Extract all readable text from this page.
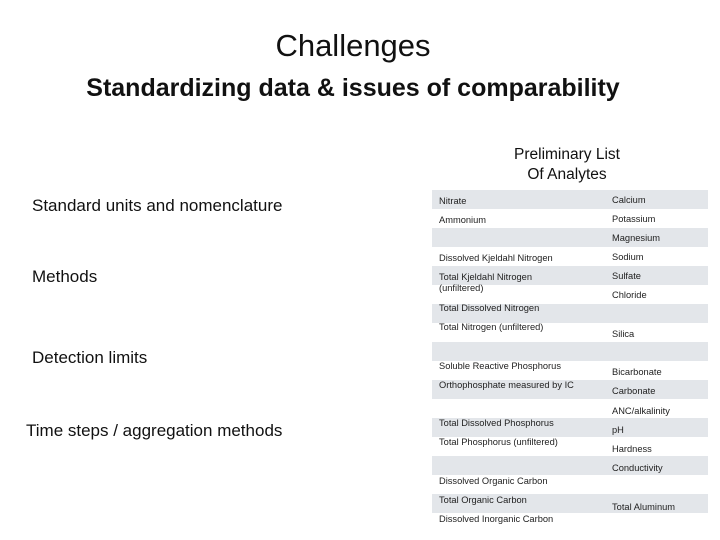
Challenges
Standardizing data & issues of comparability
Preliminary List
Of Analytes
Standard units and nomenclature
Methods
Detection limits
Time steps / aggregation methods
Nitrate
Ammonium
Dissolved Kjeldahl Nitrogen
Total Kjeldahl Nitrogen (unfiltered)
Total Dissolved Nitrogen
Total Nitrogen (unfiltered)
Soluble Reactive Phosphorus
Orthophosphate measured by IC
Total Dissolved Phosphorus
Total Phosphorus (unfiltered)
Dissolved Organic Carbon
Total Organic Carbon
Dissolved Inorganic Carbon
Calcium
Potassium
Magnesium
Sodium
Sulfate
Chloride
Silica
Bicarbonate
Carbonate
ANC/alkalinity
pH
Hardness
Conductivity
Total Aluminum
